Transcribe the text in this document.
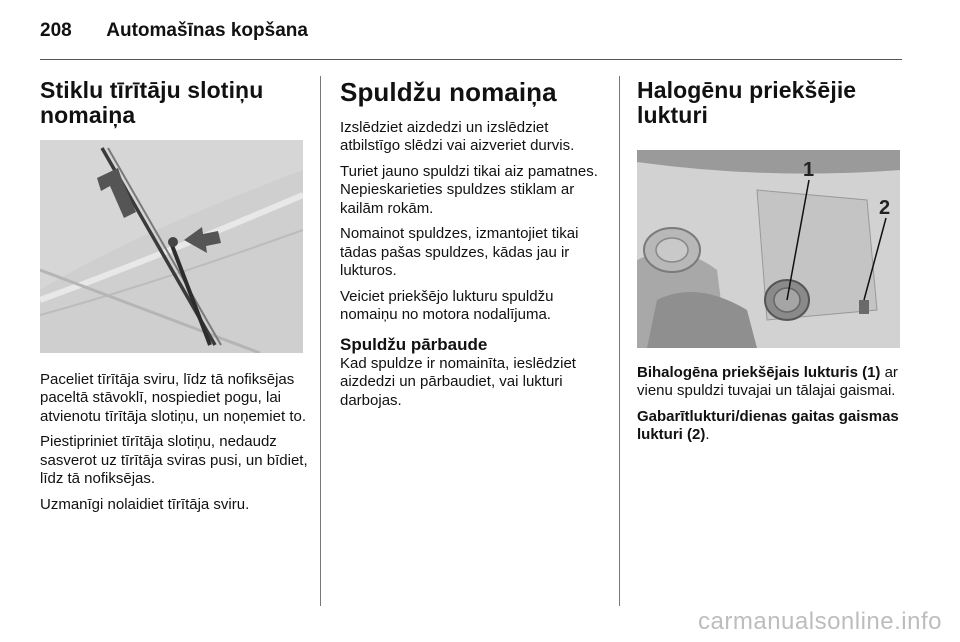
208 Automašīnas kopšana
Stiklu tīrītāju slotiņu nomaiņa

Paceliet tīrītāja sviru, līdz tā nofiksējas paceltā stāvoklī, nospiediet pogu, lai atvienotu tīrītāja slotiņu, un noņemiet to.

Piestipriniet tīrītāja slotiņu, nedaudz sasverot uz tīrītāja sviras pusi, un bīdiet, līdz tā nofiksējas.

Uzmanīgi nolaidiet tīrītāja sviru.

Spuldžu nomaiņa

Izslēdziet aizdedzi un izslēdziet atbilstīgo slēdzi vai aizveriet durvis.

Turiet jauno spuldzi tikai aiz pamatnes. Nepieskarieties spuldzes stiklam ar kailām rokām.

Nomainot spuldzes, izmantojiet tikai tādas pašas spuldzes, kādas jau ir lukturos.

Veiciet priekšējo lukturu spuldžu nomaiņu no motora nodalījuma.

Spuldžu pārbaude

Kad spuldze ir nomainīta, ieslēdziet aizdedzi un pārbaudiet, vai lukturi darbojas.

Halogēnu priekšējie lukturi
1
2

Bihalogēna priekšējais lukturis (1) ar vienu spuldzi tuvajai un tālajai gaismai.

Gabarītlukturi/dienas gaitas gaismas lukturi (2).

carmanualsonline.info
